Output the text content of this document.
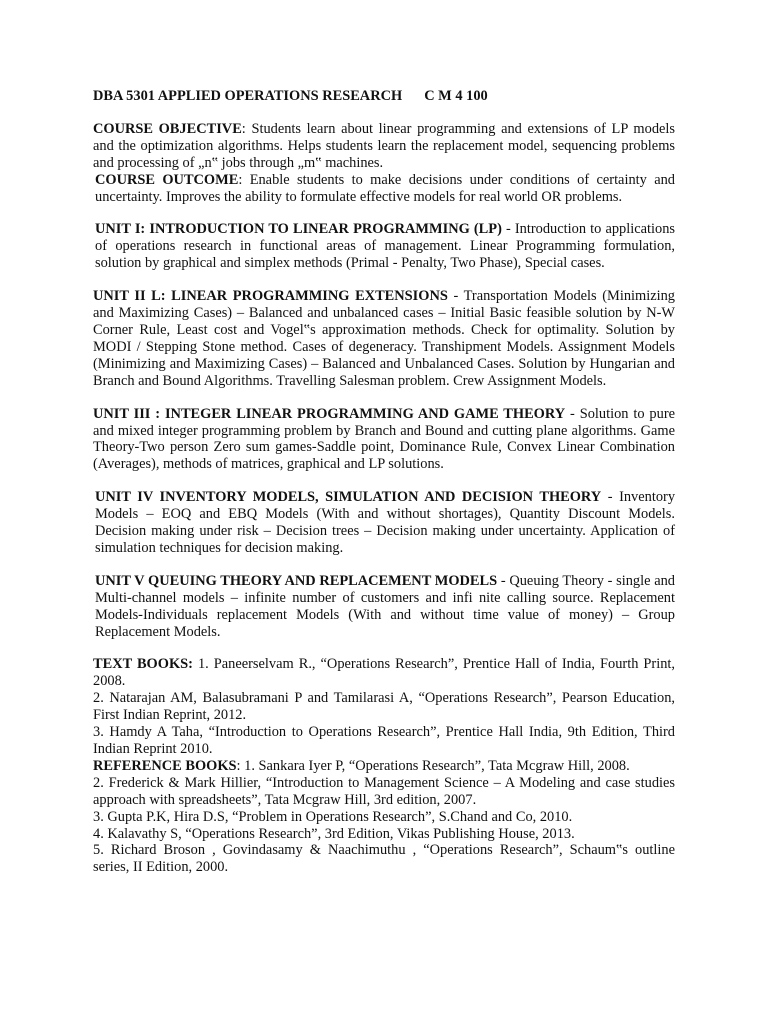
DBA 5301 APPLIED OPERATIONS RESEARCH C M 4 100

COURSE OBJECTIVE: Students learn about linear programming and extensions of LP models and the optimization algorithms. Helps students learn the replacement model, sequencing problems and processing of „n‟ jobs through „m‟ machines.

COURSE OUTCOME: Enable students to make decisions under conditions of certainty and uncertainty. Improves the ability to formulate effective models for real world OR problems.

UNIT I: INTRODUCTION TO LINEAR PROGRAMMING (LP) - Introduction to applications of operations research in functional areas of management. Linear Programming formulation, solution by graphical and simplex methods (Primal - Penalty, Two Phase), Special cases.

UNIT II L: LINEAR PROGRAMMING EXTENSIONS - Transportation Models (Minimizing and Maximizing Cases) – Balanced and unbalanced cases – Initial Basic feasible solution by N-W Corner Rule, Least cost and Vogel‟s approximation methods. Check for optimality. Solution by MODI / Stepping Stone method. Cases of degeneracy. Transhipment Models. Assignment Models (Minimizing and Maximizing Cases) – Balanced and Unbalanced Cases. Solution by Hungarian and Branch and Bound Algorithms. Travelling Salesman problem. Crew Assignment Models.

UNIT III : INTEGER LINEAR PROGRAMMING AND GAME THEORY - Solution to pure and mixed integer programming problem by Branch and Bound and cutting plane algorithms. Game Theory-Two person Zero sum games-Saddle point, Dominance Rule, Convex Linear Combination (Averages), methods of matrices, graphical and LP solutions.

UNIT IV INVENTORY MODELS, SIMULATION AND DECISION THEORY - Inventory Models – EOQ and EBQ Models (With and without shortages), Quantity Discount Models. Decision making under risk – Decision trees – Decision making under uncertainty. Application of simulation techniques for decision making.

UNIT V QUEUING THEORY AND REPLACEMENT MODELS - Queuing Theory - single and Multi-channel models – infinite number of customers and infi nite calling source. Replacement Models-Individuals replacement Models (With and without time value of money) – Group Replacement Models.

TEXT BOOKS: 1. Paneerselvam R., “Operations Research”, Prentice Hall of India, Fourth Print, 2008.

2. Natarajan AM, Balasubramani P and Tamilarasi A, “Operations Research”, Pearson Education, First Indian Reprint, 2012.

3. Hamdy A Taha, “Introduction to Operations Research”, Prentice Hall India, 9th Edition, Third Indian Reprint 2010.

REFERENCE BOOKS: 1. Sankara Iyer P, “Operations Research”, Tata Mcgraw Hill, 2008.

2. Frederick & Mark Hillier, “Introduction to Management Science – A Modeling and case studies approach with spreadsheets”, Tata Mcgraw Hill, 3rd edition, 2007.

3. Gupta P.K, Hira D.S, “Problem in Operations Research”, S.Chand and Co, 2010.

4. Kalavathy S, “Operations Research”, 3rd Edition, Vikas Publishing House, 2013.

5. Richard Broson , Govindasamy & Naachimuthu , “Operations Research”, Schaum‟s outline series, II Edition, 2000.
